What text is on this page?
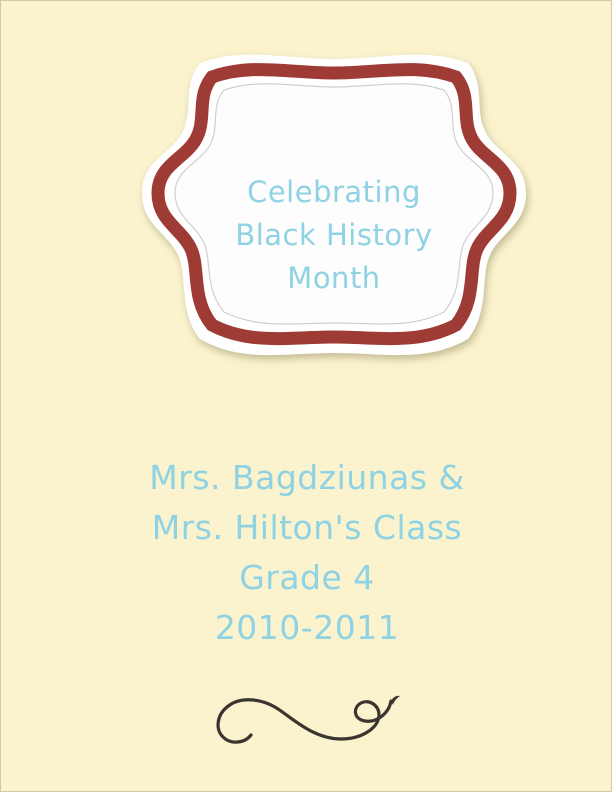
Celebrating
Black History
Month
Mrs. Bagdziunas &
Mrs. Hilton's Class
Grade 4
2010-2011
